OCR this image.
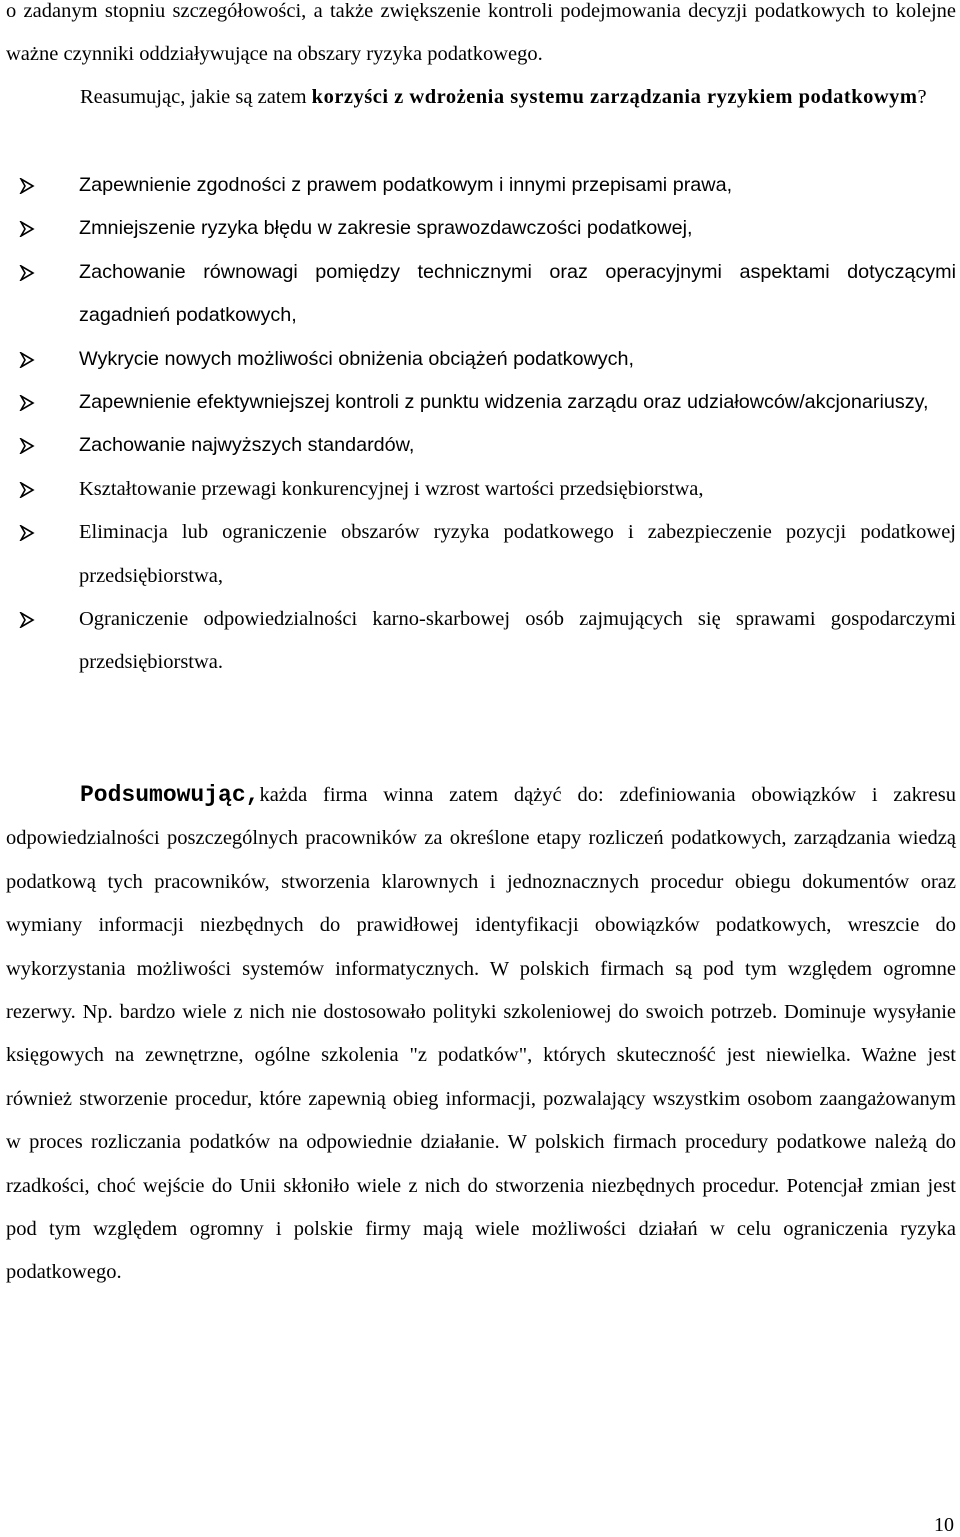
o zadanym stopniu szczegółowości, a także zwiększenie kontroli podejmowania decyzji podatkowych to kolejne ważne czynniki oddziaływujące na obszary ryzyka podatkowego.

Reasumując, jakie są zatem korzyści z wdrożenia systemu zarządzania ryzykiem podatkowym?

Zapewnienie zgodności z prawem podatkowym i innymi przepisami prawa,
Zmniejszenie ryzyka błędu w zakresie sprawozdawczości podatkowej,
Zachowanie równowagi pomiędzy technicznymi oraz operacyjnymi aspektami dotyczącymi zagadnień podatkowych,
Wykrycie nowych możliwości obniżenia obciążeń podatkowych,
Zapewnienie efektywniejszej kontroli z punktu widzenia zarządu oraz udziałowców/akcjonariuszy,
Zachowanie najwyższych standardów,
Kształtowanie przewagi konkurencyjnej i wzrost wartości przedsiębiorstwa,
Eliminacja lub ograniczenie obszarów ryzyka podatkowego i zabezpieczenie pozycji podatkowej przedsiębiorstwa,
Ograniczenie odpowiedzialności karno-skarbowej osób zajmujących się sprawami gospodarczymi przedsiębiorstwa.

Podsumowując,każda firma winna zatem dążyć do: zdefiniowania obowiązków i zakresu odpowiedzialności poszczególnych pracowników za określone etapy rozliczeń podatkowych, zarządzania wiedzą podatkową tych pracowników, stworzenia klarownych i jednoznacznych procedur obiegu dokumentów oraz wymiany informacji niezbędnych do prawidłowej identyfikacji obowiązków podatkowych, wreszcie do wykorzystania możliwości systemów informatycznych. W polskich firmach są pod tym względem ogromne rezerwy. Np. bardzo wiele z nich nie dostosowało polityki szkoleniowej do swoich potrzeb. Dominuje wysyłanie księgowych na zewnętrzne, ogólne szkolenia "z podatków", których skuteczność jest niewielka. Ważne jest również stworzenie procedur, które zapewnią obieg informacji, pozwalający wszystkim osobom zaangażowanym w proces rozliczania podatków na odpowiednie działanie. W polskich firmach procedury podatkowe należą do rzadkości, choć wejście do Unii skłoniło wiele z nich do stworzenia niezbędnych procedur. Potencjał zmian jest pod tym względem ogromny i polskie firmy mają wiele możliwości działań w celu ograniczenia ryzyka podatkowego.

10
